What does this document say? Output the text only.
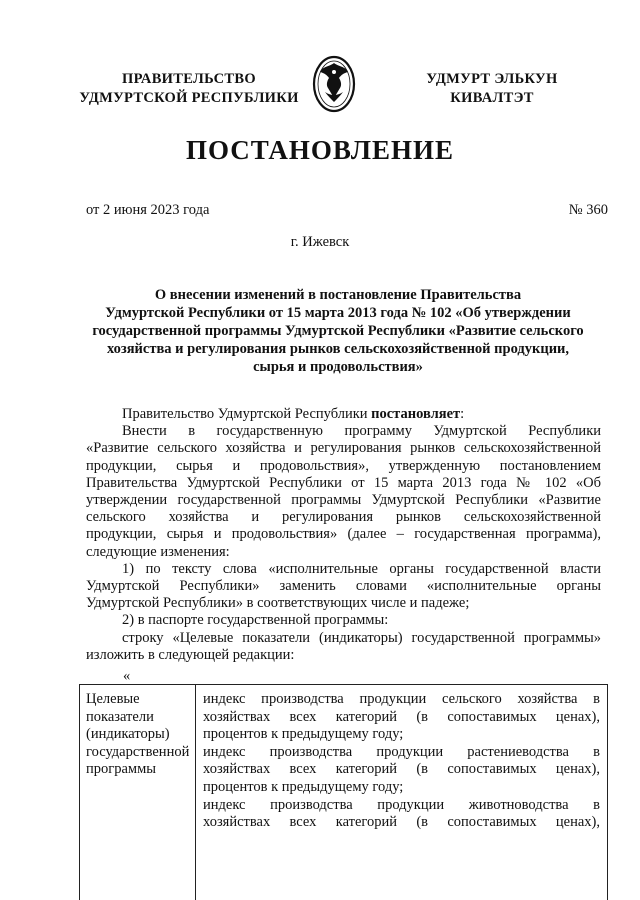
ПРАВИТЕЛЬСТВО
УДМУРТСКОЙ РЕСПУБЛИКИ
УДМУРТ ЭЛЬКУН
КИВАЛТЭТ
ПОСТАНОВЛЕНИЕ
от 2 июня 2023 года	№ 360
г. Ижевск
О внесении изменений в постановление Правительства
Удмуртской Республики от 15 марта 2013 года № 102 «Об утверждении
государственной программы Удмуртской Республики «Развитие сельского
хозяйства и регулирования рынков сельскохозяйственной продукции,
сырья и продовольствия»
Правительство Удмуртской Республики постановляет:
Внести в государственную программу Удмуртской Республики
«Развитие сельского хозяйства и регулирования рынков сельскохозяйственной
продукции, сырья и продовольствия», утвержденную постановлением
Правительства Удмуртской Республики от 15 марта 2013 года № 102 «Об
утверждении государственной программы Удмуртской Республики «Развитие
сельского хозяйства и регулирования рынков сельскохозяйственной
продукции, сырья и продовольствия» (далее – государственная программа),
следующие изменения:
1) по тексту слова «исполнительные органы государственной власти
Удмуртской Республики» заменить словами «исполнительные органы
Удмуртской Республики» в соответствующих числе и падеже;
2) в паспорте государственной программы:
строку «Целевые показатели (индикаторы) государственной программы»
изложить в следующей редакции:
«
Целевые
показатели
(индикаторы)
государственной
программы
индекс производства продукции сельского хозяйства в
хозяйствах всех категорий (в сопоставимых ценах),
процентов к предыдущему году;
индекс производства продукции растениеводства в
хозяйствах всех категорий (в сопоставимых ценах),
процентов к предыдущему году;
индекс производства продукции животноводства в
хозяйствах всех категорий (в сопоставимых ценах),
